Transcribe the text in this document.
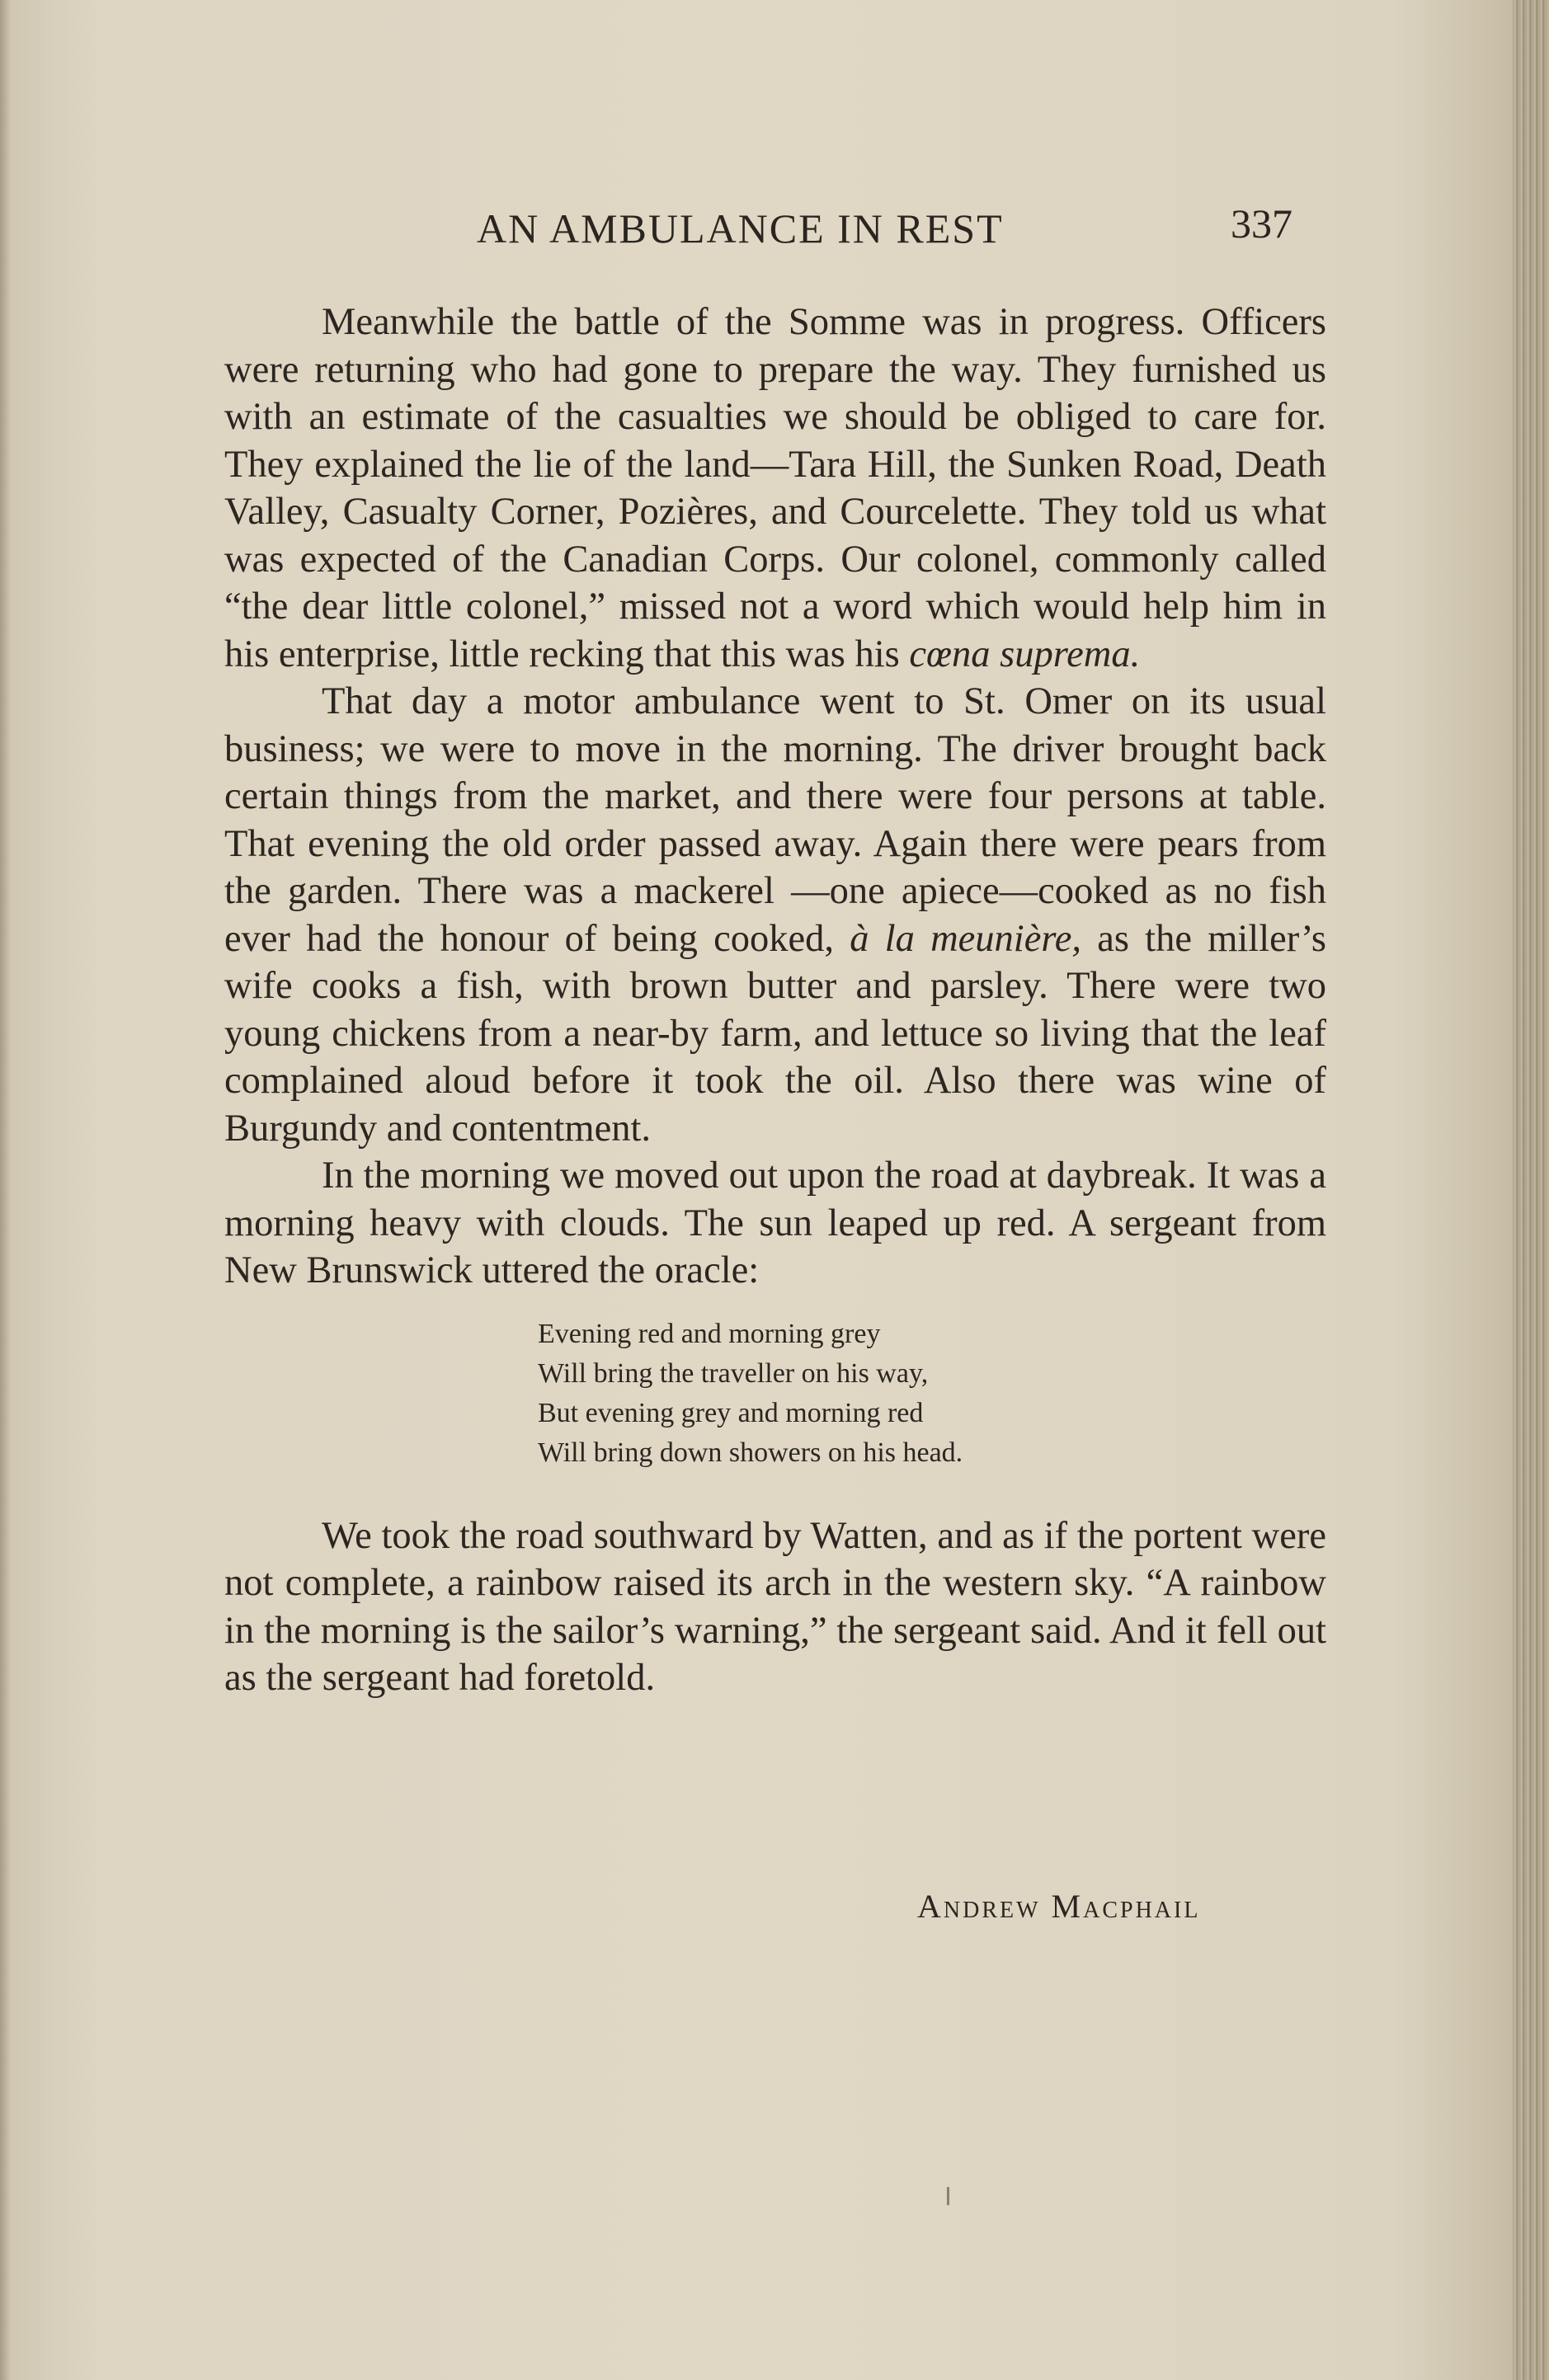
AN AMBULANCE IN REST	337

Meanwhile the battle of the Somme was in progress. Officers were returning who had gone to prepare the way. They furnished us with an estimate of the casualties we should be obliged to care for. They explained the lie of the land—Tara Hill, the Sunken Road, Death Valley, Casualty Corner, Pozières, and Courcelette. They told us what was expected of the Canadian Corps. Our colonel, commonly called “the dear little colonel,” missed not a word which would help him in his enterprise, little recking that this was his cœna suprema.

That day a motor ambulance went to St. Omer on its usual business; we were to move in the morning. The driver brought back certain things from the market, and there were four persons at table. That evening the old order passed away. Again there were pears from the garden. There was a mackerel —one apiece—cooked as no fish ever had the honour of being cooked, à la meunière, as the miller’s wife cooks a fish, with brown butter and parsley. There were two young chickens from a near-by farm, and lettuce so living that the leaf complained aloud before it took the oil. Also there was wine of Burgundy and contentment.

In the morning we moved out upon the road at daybreak. It was a morning heavy with clouds. The sun leaped up red. A sergeant from New Brunswick uttered the oracle:

Evening red and morning grey
Will bring the traveller on his way,
But evening grey and morning red
Will bring down showers on his head.

We took the road southward by Watten, and as if the portent were not complete, a rainbow raised its arch in the western sky. “A rainbow in the morning is the sailor’s warning,” the sergeant said. And it fell out as the sergeant had foretold.

Andrew Macphail
